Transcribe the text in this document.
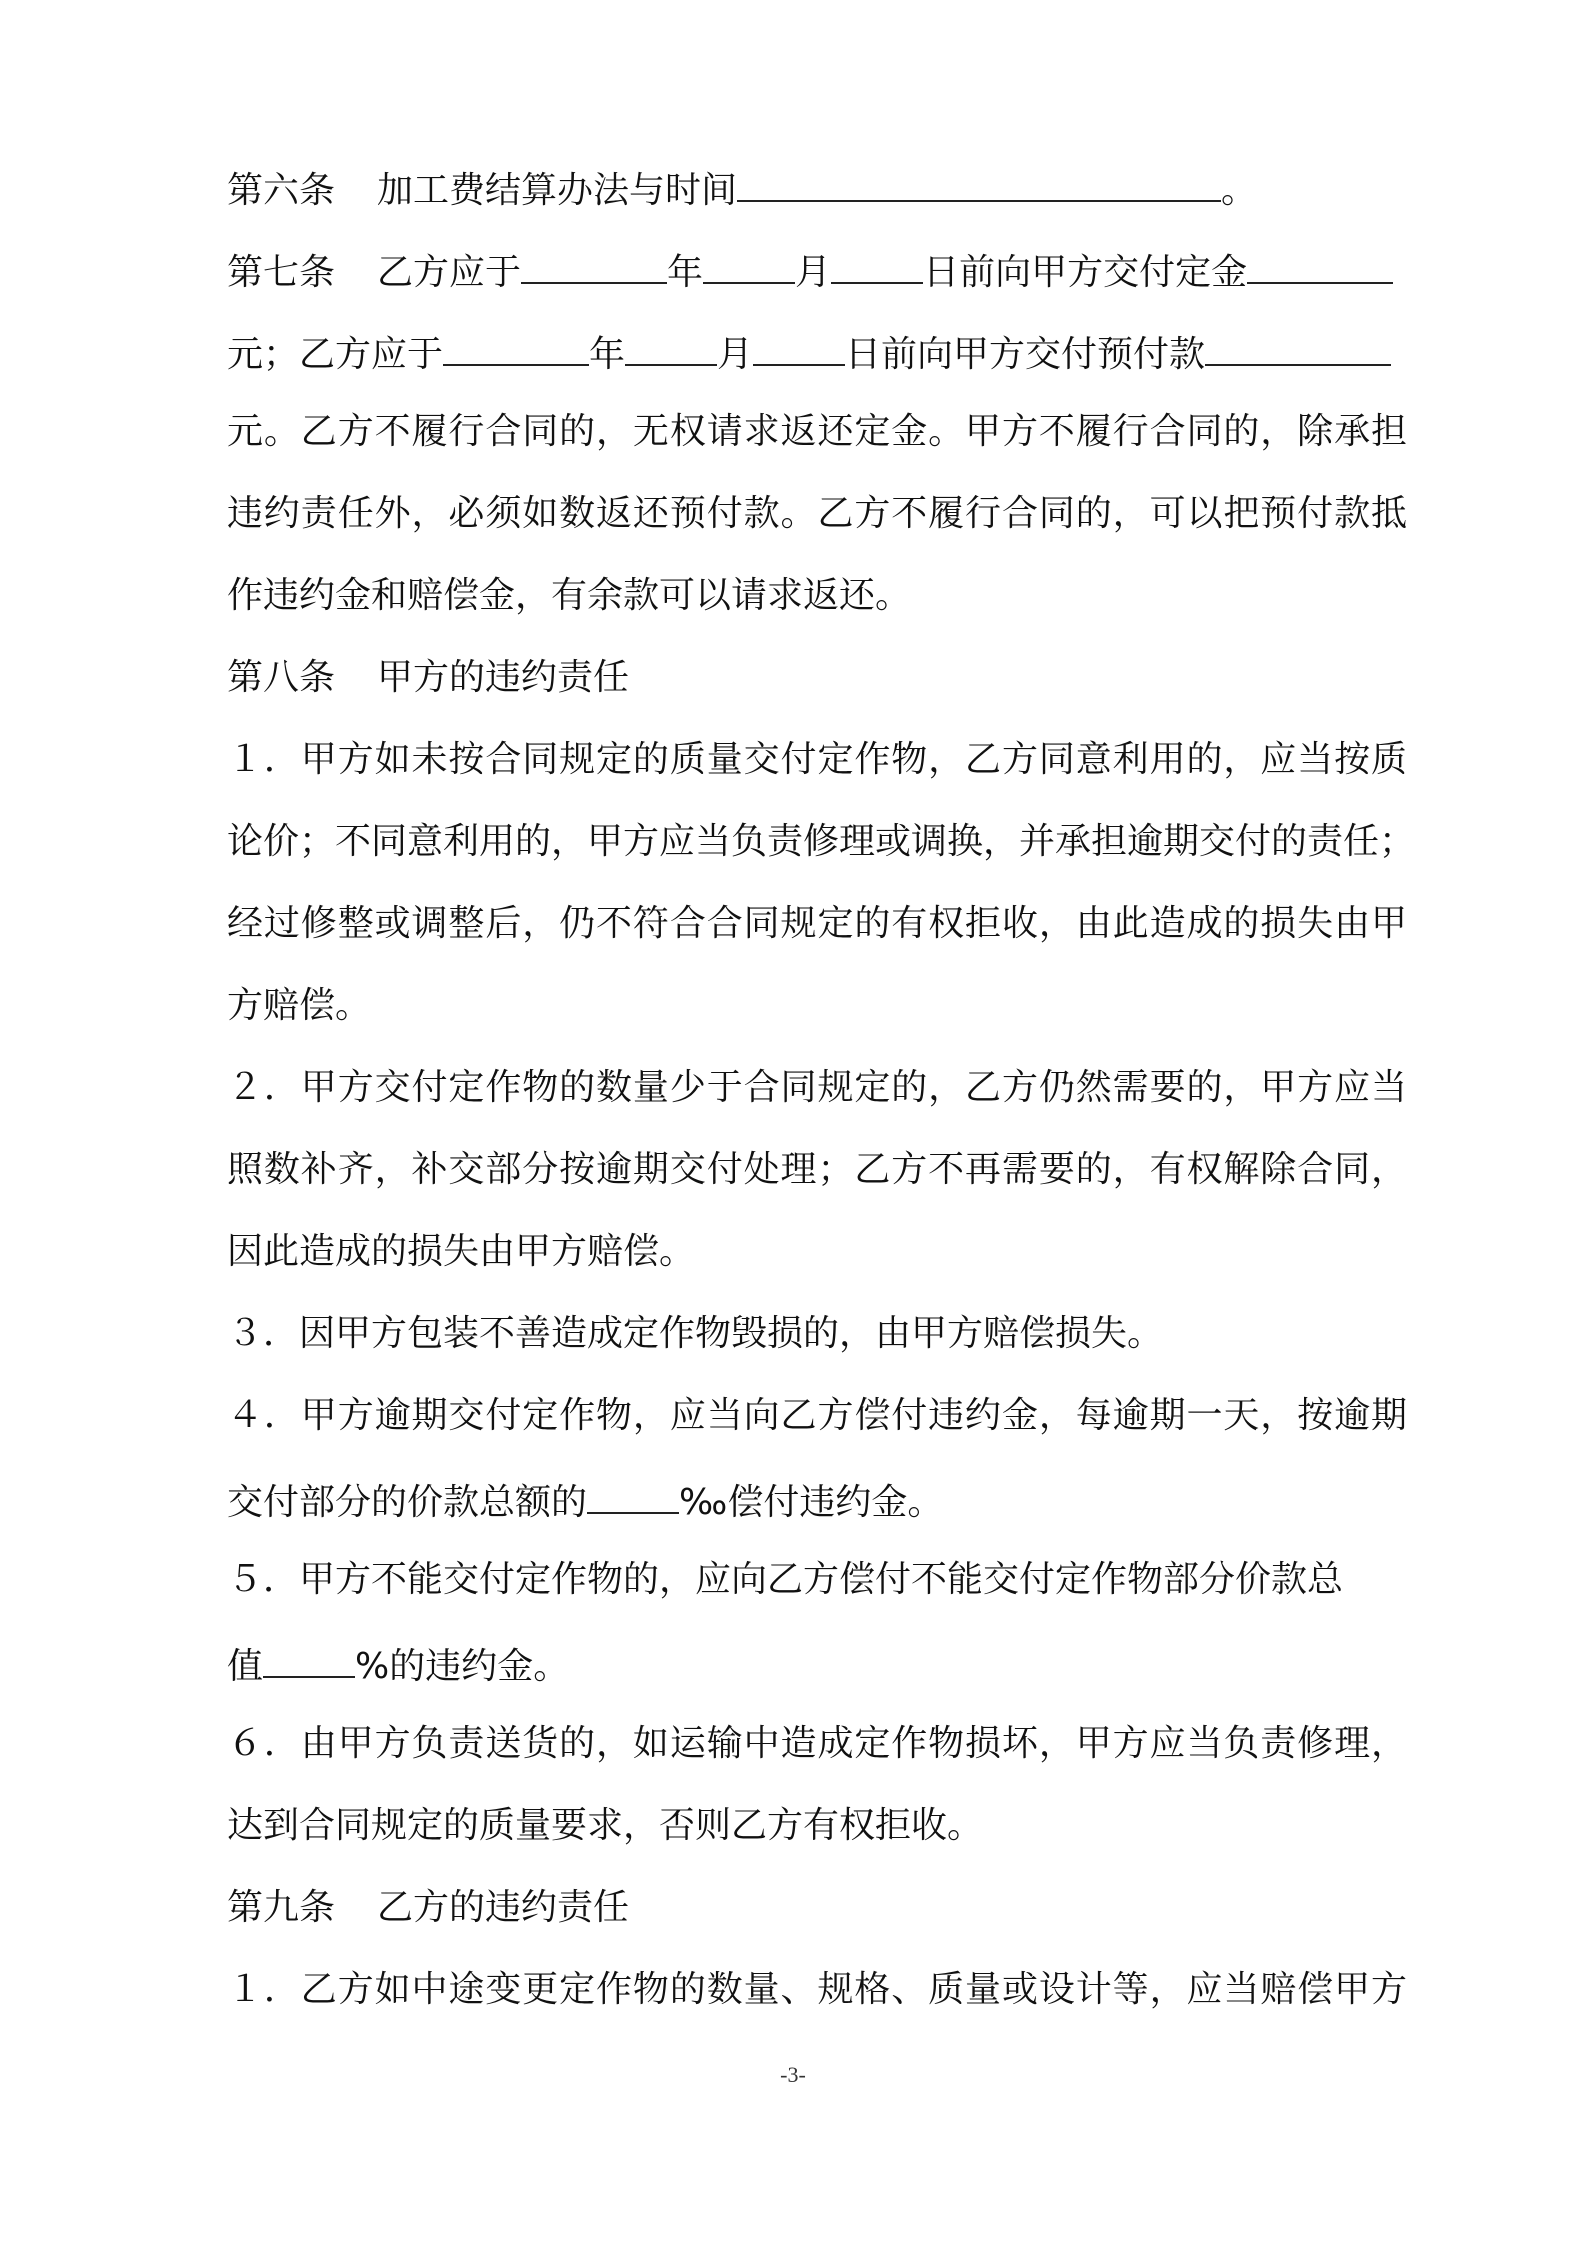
第六条 加工费结算办法与时间	。
第七条 乙方应于	年	月	日前向甲方交付定金
元；乙方应于	年	月	日前向甲方交付预付款
元。乙方不履行合同的，无权请求返还定金。甲方不履行合同的，除承担
违约责任外，必须如数返还预付款。乙方不履行合同的，可以把预付款抵
作违约金和赔偿金，有余款可以请求返还。
第八条 甲方的违约责任
１．甲方如未按合同规定的质量交付定作物，乙方同意利用的，应当按质
论价；不同意利用的，甲方应当负责修理或调换，并承担逾期交付的责任；
经过修整或调整后，仍不符合合同规定的有权拒收，由此造成的损失由甲
方赔偿。
２．甲方交付定作物的数量少于合同规定的，乙方仍然需要的，甲方应当
照数补齐，补交部分按逾期交付处理；乙方不再需要的，有权解除合同，
因此造成的损失由甲方赔偿。
３．因甲方包装不善造成定作物毁损的，由甲方赔偿损失。
４．甲方逾期交付定作物，应当向乙方偿付违约金，每逾期一天，按逾期
交付部分的价款总额的	‰偿付违约金。
５．甲方不能交付定作物的，应向乙方偿付不能交付定作物部分价款总
值	%的违约金。
６．由甲方负责送货的，如运输中造成定作物损坏，甲方应当负责修理，
达到合同规定的质量要求，否则乙方有权拒收。
第九条 乙方的违约责任
１．乙方如中途变更定作物的数量、规格、质量或设计等，应当赔偿甲方
-3-
